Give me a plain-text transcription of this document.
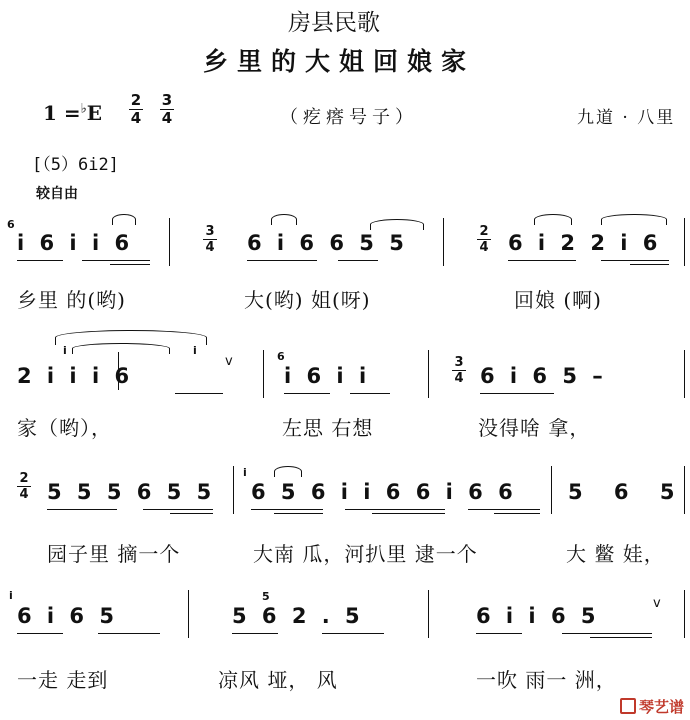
房县民歌
乡里的大姐回娘家
1 =♭E
2
4
3
4	（疙瘩号子）	九道 · 八里
[（5）6i2]
较自由
6
i 6 i i 6	3
4 6 i 6 6 5 5	2
4 6 i 2 2 i 6
乡里 的(哟)	大(哟) 姐(呀)	回娘 (啊)
2 i i i 6
i	i
v	6
i 6 i i
3
4 6 i 6 5 –
家（哟），	左思 右想	没得啥 拿，
2
4 5 5 5 6 5 5
i
6 5 6 i i 6 6 i 6 6 5 6 5
园子里 摘一个	大南 瓜，河扒里 逮一个	大 鳖 娃，
i
6 i 6 5	5 6 2 . 5
5
6 i i 6 5
v
一走 走到	凉风 垭， 风	一吹 雨一 洲，
琴艺谱
